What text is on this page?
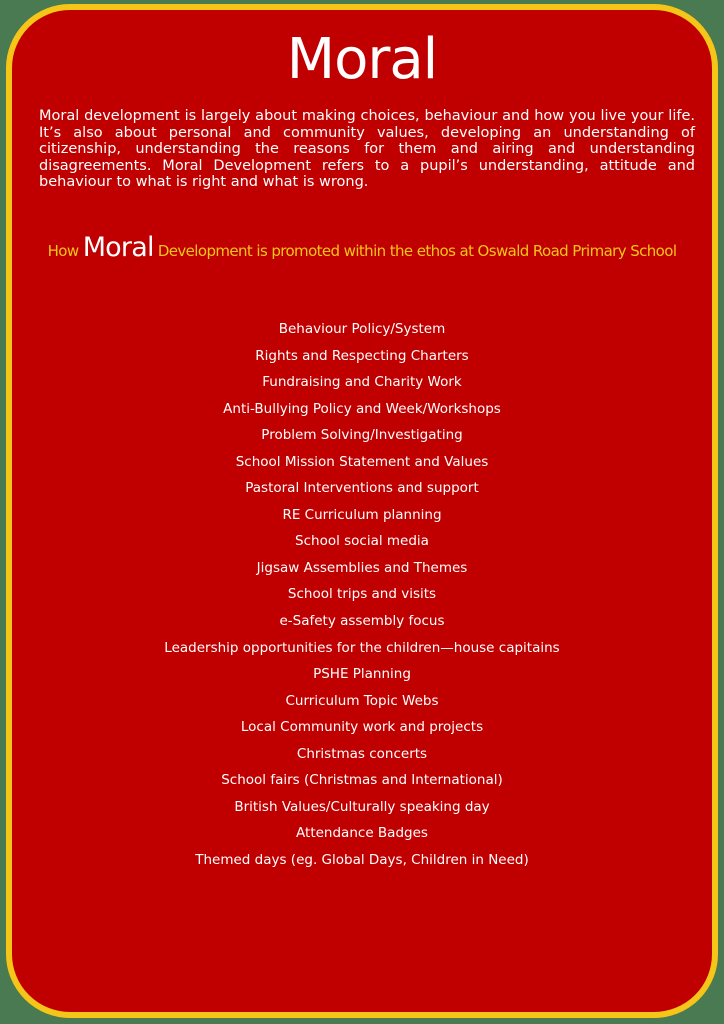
Moral

Moral development is largely about making choices, behaviour and how you live your life. It’s also about personal and community values, developing an understanding of citizenship, understanding the reasons for them and airing and understanding disagreements. Moral Development refers to a pupil’s understanding, attitude and behaviour to what is right and what is wrong.

How Moral Development is promoted within the ethos at Oswald Road Primary School
Behaviour Policy/System
Rights and Respecting Charters
Fundraising and Charity Work
Anti-Bullying Policy and Week/Workshops
Problem Solving/Investigating
School Mission Statement and Values
Pastoral Interventions and support
RE Curriculum planning
School social media
Jigsaw Assemblies and Themes
School trips and visits
e-Safety assembly focus
Leadership opportunities for the children—house capitains
PSHE Planning
Curriculum Topic Webs
Local Community work and projects
Christmas concerts
School fairs (Christmas and International)
British Values/Culturally speaking day
Attendance Badges
Themed days (eg. Global Days, Children in Need)
